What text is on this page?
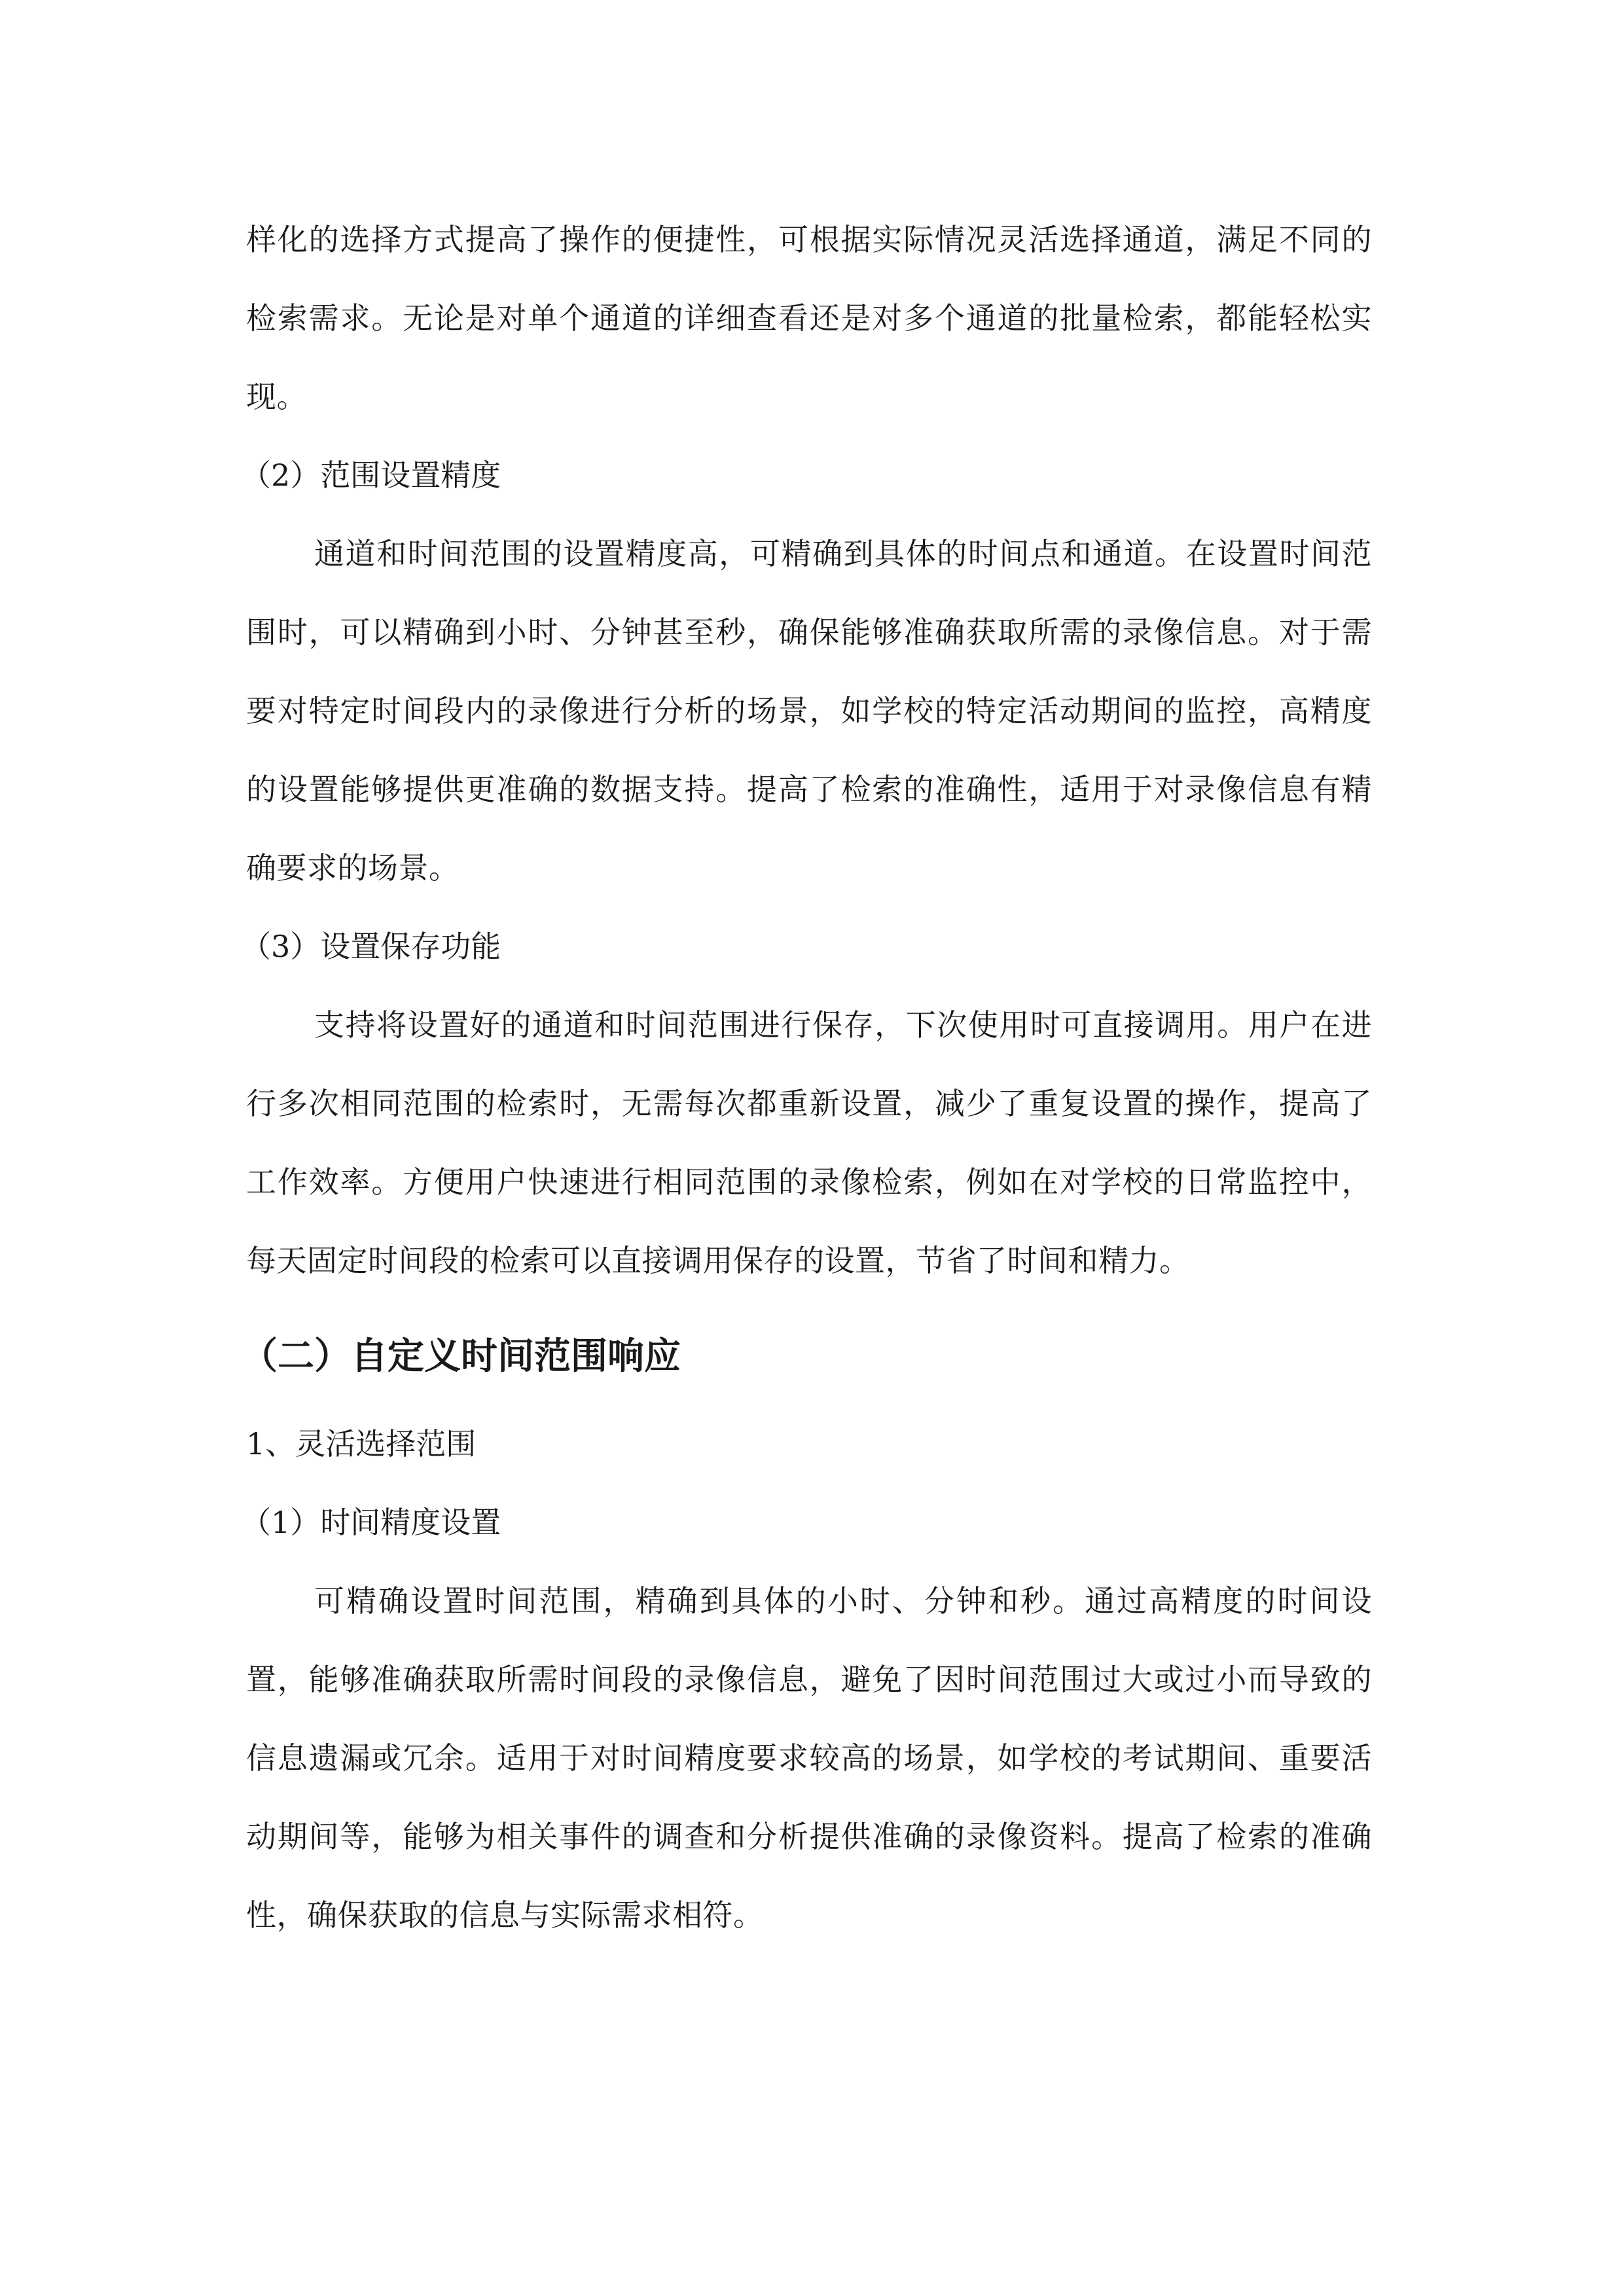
样化的选择方式提高了操作的便捷性，可根据实际情况灵活选择通道，满足不同的检索需求。无论是对单个通道的详细查看还是对多个通道的批量检索，都能轻松实现。

（2）范围设置精度

通道和时间范围的设置精度高，可精确到具体的时间点和通道。在设置时间范围时，可以精确到小时、分钟甚至秒，确保能够准确获取所需的录像信息。对于需要对特定时间段内的录像进行分析的场景，如学校的特定活动期间的监控，高精度的设置能够提供更准确的数据支持。提高了检索的准确性，适用于对录像信息有精确要求的场景。

（3）设置保存功能

支持将设置好的通道和时间范围进行保存，下次使用时可直接调用。用户在进行多次相同范围的检索时，无需每次都重新设置，减少了重复设置的操作，提高了工作效率。方便用户快速进行相同范围的录像检索，例如在对学校的日常监控中，每天固定时间段的检索可以直接调用保存的设置，节省了时间和精力。

（二）自定义时间范围响应

1、灵活选择范围

（1）时间精度设置

可精确设置时间范围，精确到具体的小时、分钟和秒。通过高精度的时间设置，能够准确获取所需时间段的录像信息，避免了因时间范围过大或过小而导致的信息遗漏或冗余。适用于对时间精度要求较高的场景，如学校的考试期间、重要活动期间等，能够为相关事件的调查和分析提供准确的录像资料。提高了检索的准确性，确保获取的信息与实际需求相符。
